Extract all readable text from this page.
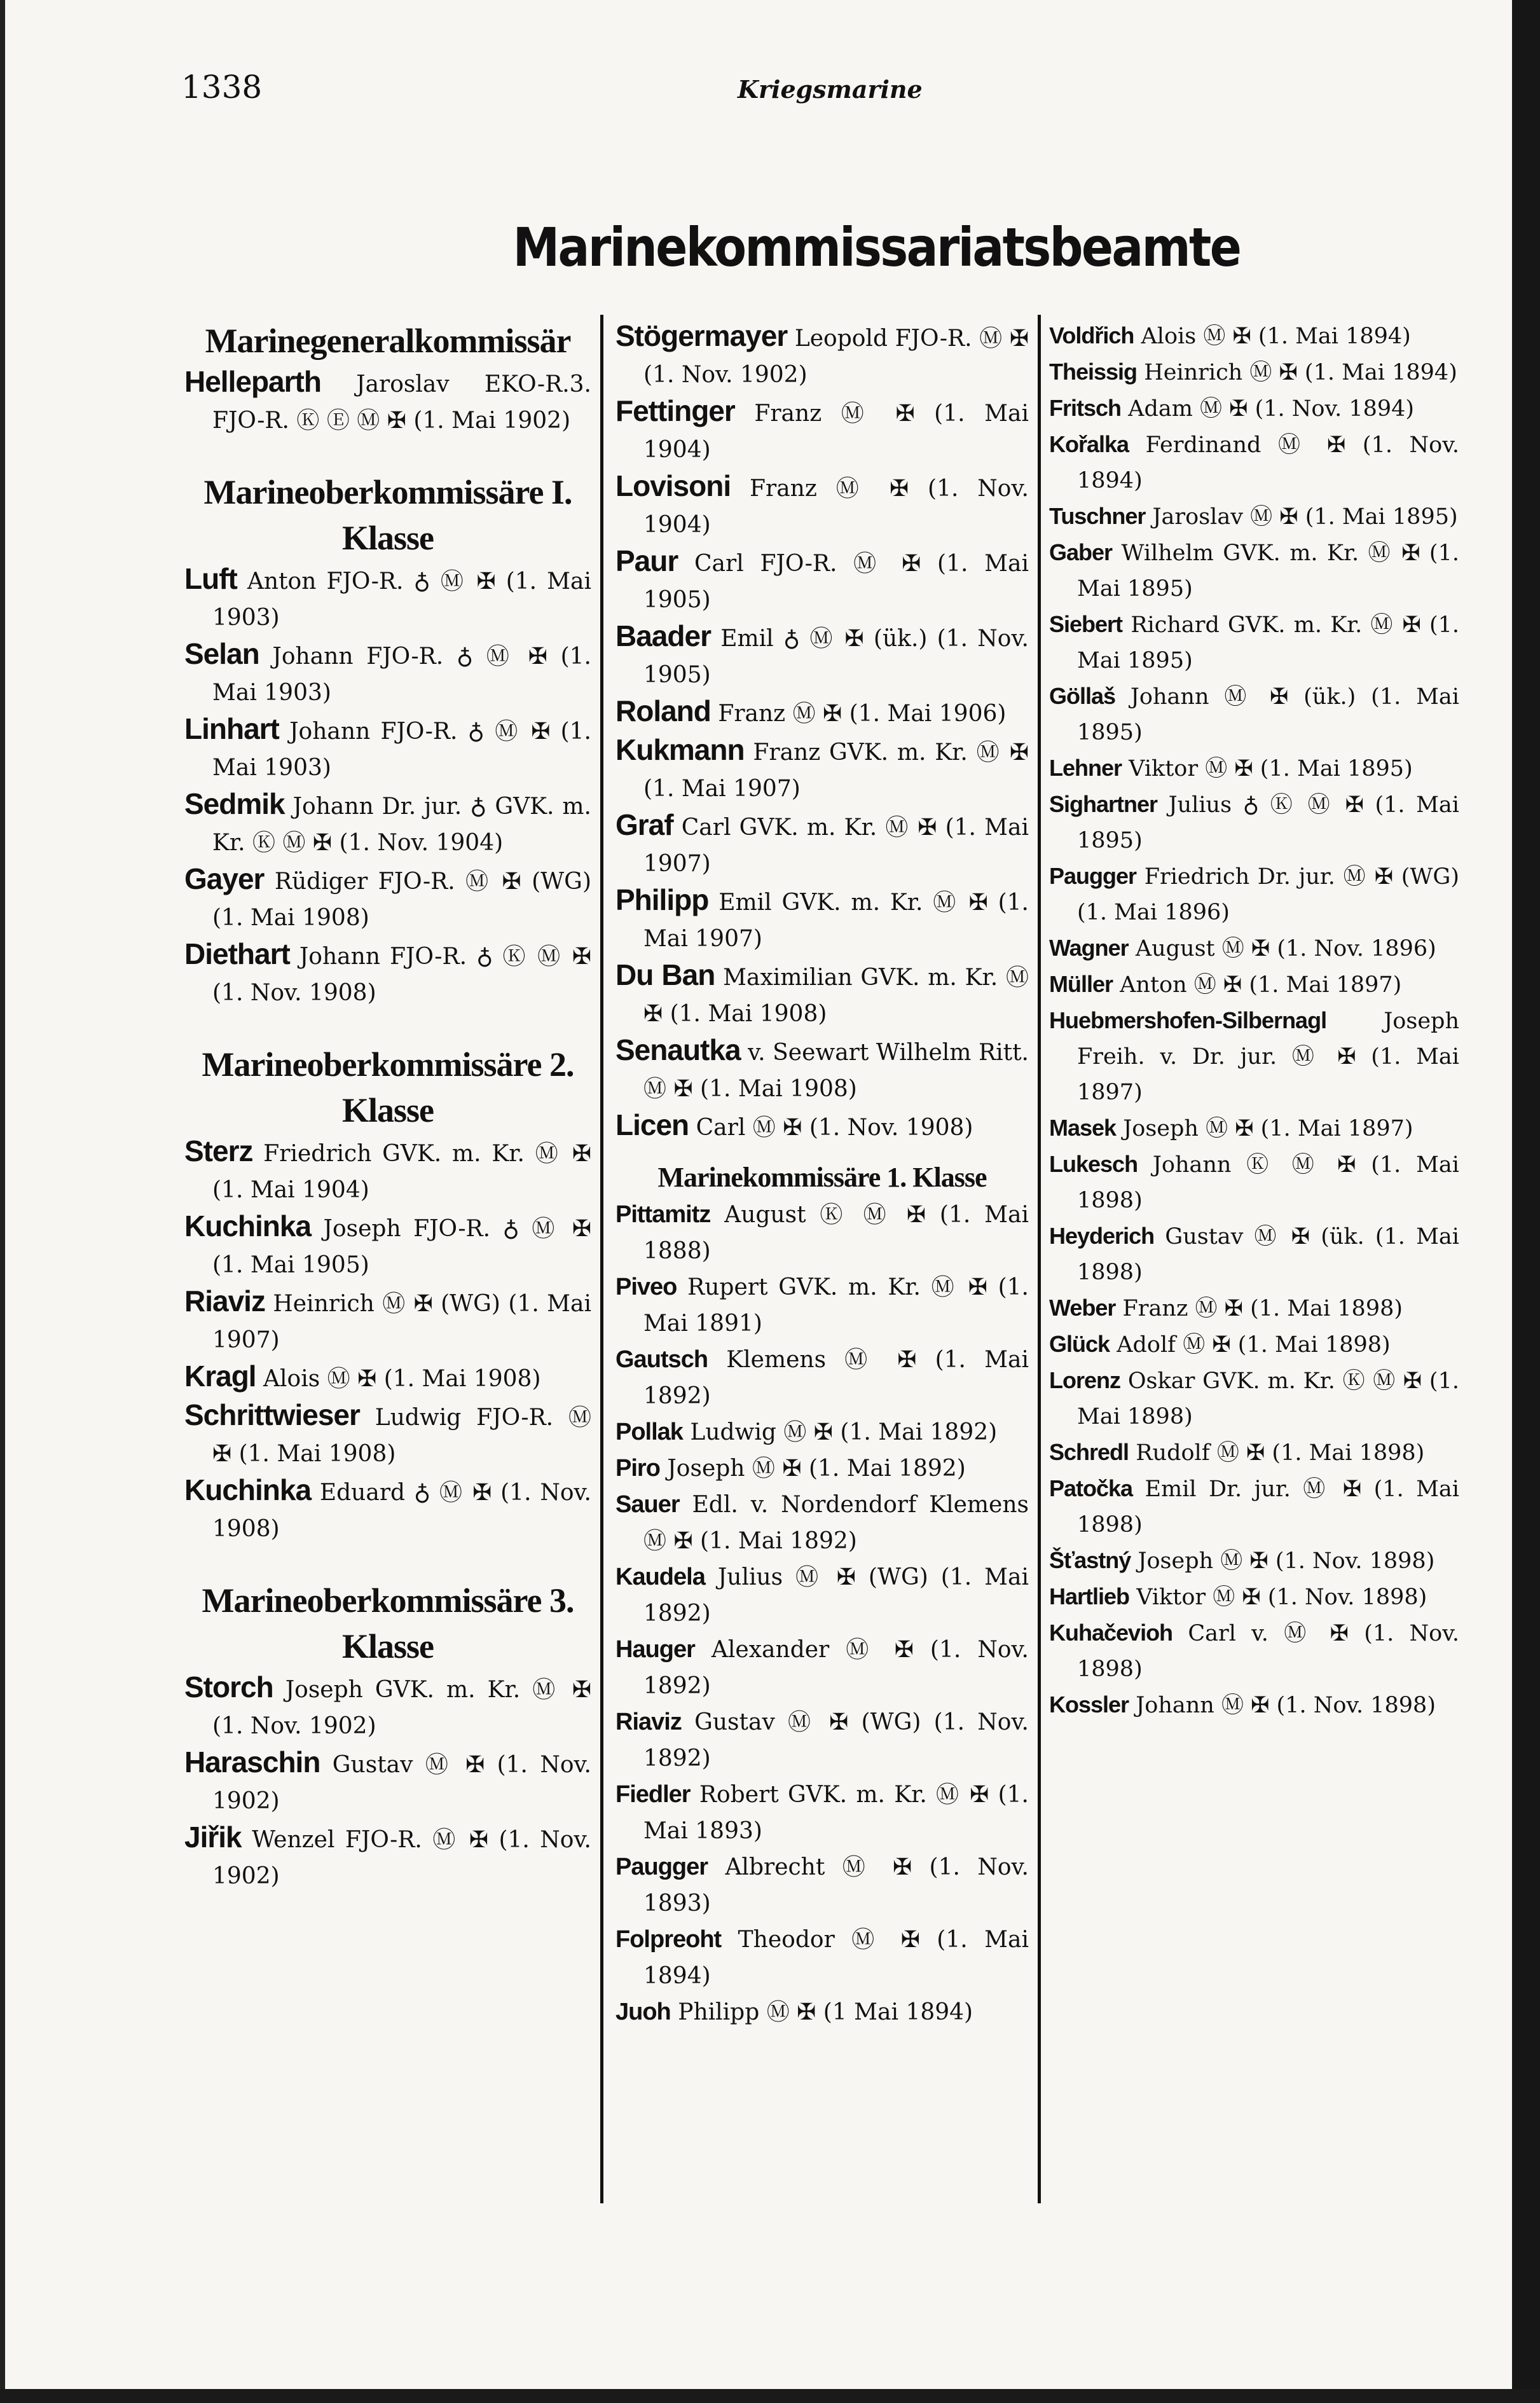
1338	Kriegsmarine
Marinekommissariatsbeamte
Marinegeneralkommissär
Helleparth Jaroslav EKO-R.3. FJO-R. Ⓚ Ⓔ Ⓜ ✠ (1. Mai 1902)
Marineoberkommissäre I. Klasse
Luft Anton FJO-R. ♁ Ⓜ ✠ (1. Mai 1903)
Selan Johann FJO-R. ♁ Ⓜ ✠ (1. Mai 1903)
Linhart Johann FJO-R. ♁ Ⓜ ✠ (1. Mai 1903)
Sedmik Johann Dr. jur. ♁ GVK. m. Kr. Ⓚ Ⓜ ✠ (1. Nov. 1904)
Gayer Rüdiger FJO-R. Ⓜ ✠ (WG) (1. Mai 1908)
Diethart Johann FJO-R. ♁ Ⓚ Ⓜ ✠ (1. Nov. 1908)
Marineoberkommissäre 2. Klasse
Sterz Friedrich GVK. m. Kr. Ⓜ ✠ (1. Mai 1904)
Kuchinka Joseph FJO-R. ♁ Ⓜ ✠ (1. Mai 1905)
Riaviz Heinrich Ⓜ ✠ (WG) (1. Mai 1907)
Kragl Alois Ⓜ ✠ (1. Mai 1908)
Schrittwieser Ludwig FJO-R. Ⓜ ✠ (1. Mai 1908)
Kuchinka Eduard ♁ Ⓜ ✠ (1. Nov. 1908)
Marineoberkommissäre 3. Klasse
Storch Joseph GVK. m. Kr. Ⓜ ✠ (1. Nov. 1902)
Haraschin Gustav Ⓜ ✠ (1. Nov. 1902)
Jiřik Wenzel FJO-R. Ⓜ ✠ (1. Nov. 1902)
Stögermayer Leopold FJO-R. Ⓜ ✠ (1. Nov. 1902)
Fettinger Franz Ⓜ ✠ (1. Mai 1904)
Lovisoni Franz Ⓜ ✠ (1. Nov. 1904)
Paur Carl FJO-R. Ⓜ ✠ (1. Mai 1905)
Baader Emil ♁ Ⓜ ✠ (ük.) (1. Nov. 1905)
Roland Franz Ⓜ ✠ (1. Mai 1906)
Kukmann Franz GVK. m. Kr. Ⓜ ✠ (1. Mai 1907)
Graf Carl GVK. m. Kr. Ⓜ ✠ (1. Mai 1907)
Philipp Emil GVK. m. Kr. Ⓜ ✠ (1. Mai 1907)
Du Ban Maximilian GVK. m. Kr. Ⓜ ✠ (1. Mai 1908)
Senautka v. Seewart Wilhelm Ritt. Ⓜ ✠ (1. Mai 1908)
Licen Carl Ⓜ ✠ (1. Nov. 1908)
Marinekommissäre 1. Klasse
Pittamitz August Ⓚ Ⓜ ✠ (1. Mai 1888)
Piveo Rupert GVK. m. Kr. Ⓜ ✠ (1. Mai 1891)
Gautsch Klemens Ⓜ ✠ (1. Mai 1892)
Pollak Ludwig Ⓜ ✠ (1. Mai 1892)
Piro Joseph Ⓜ ✠ (1. Mai 1892)
Sauer Edl. v. Nordendorf Klemens Ⓜ ✠ (1. Mai 1892)
Kaudela Julius Ⓜ ✠ (WG) (1. Mai 1892)
Hauger Alexander Ⓜ ✠ (1. Nov. 1892)
Riaviz Gustav Ⓜ ✠ (WG) (1. Nov. 1892)
Fiedler Robert GVK. m. Kr. Ⓜ ✠ (1. Mai 1893)
Paugger Albrecht Ⓜ ✠ (1. Nov. 1893)
Folpreoht Theodor Ⓜ ✠ (1. Mai 1894)
Juoh Philipp Ⓜ ✠ (1 Mai 1894)
Voldřich Alois Ⓜ ✠ (1. Mai 1894)
Theissig Heinrich Ⓜ ✠ (1. Mai 1894)
Fritsch Adam Ⓜ ✠ (1. Nov. 1894)
Kořalka Ferdinand Ⓜ ✠ (1. Nov. 1894)
Tuschner Jaroslav Ⓜ ✠ (1. Mai 1895)
Gaber Wilhelm GVK. m. Kr. Ⓜ ✠ (1. Mai 1895)
Siebert Richard GVK. m. Kr. Ⓜ ✠ (1. Mai 1895)
Göllaš Johann Ⓜ ✠ (ük.) (1. Mai 1895)
Lehner Viktor Ⓜ ✠ (1. Mai 1895)
Sighartner Julius ♁ Ⓚ Ⓜ ✠ (1. Mai 1895)
Paugger Friedrich Dr. jur. Ⓜ ✠ (WG) (1. Mai 1896)
Wagner August Ⓜ ✠ (1. Nov. 1896)
Müller Anton Ⓜ ✠ (1. Mai 1897)
Huebmershofen-Silbernagl	Joseph Freih. v. Dr. jur. Ⓜ ✠ (1. Mai 1897)
Masek Joseph Ⓜ ✠ (1. Mai 1897)
Lukesch Johann Ⓚ Ⓜ ✠ (1. Mai 1898)
Heyderich Gustav Ⓜ ✠ (ük. (1. Mai 1898)
Weber Franz Ⓜ ✠ (1. Mai 1898)
Glück Adolf Ⓜ ✠ (1. Mai 1898)
Lorenz Oskar GVK. m. Kr. Ⓚ Ⓜ ✠ (1. Mai 1898)
Schredl Rudolf Ⓜ ✠ (1. Mai 1898)
Patočka Emil Dr. jur. Ⓜ ✠ (1. Mai 1898)
Šťastný Joseph Ⓜ ✠ (1. Nov. 1898)
Hartlieb Viktor Ⓜ ✠ (1. Nov. 1898)
Kuhačevioh Carl v. Ⓜ ✠ (1. Nov. 1898)
Kossler Johann Ⓜ ✠ (1. Nov. 1898)
